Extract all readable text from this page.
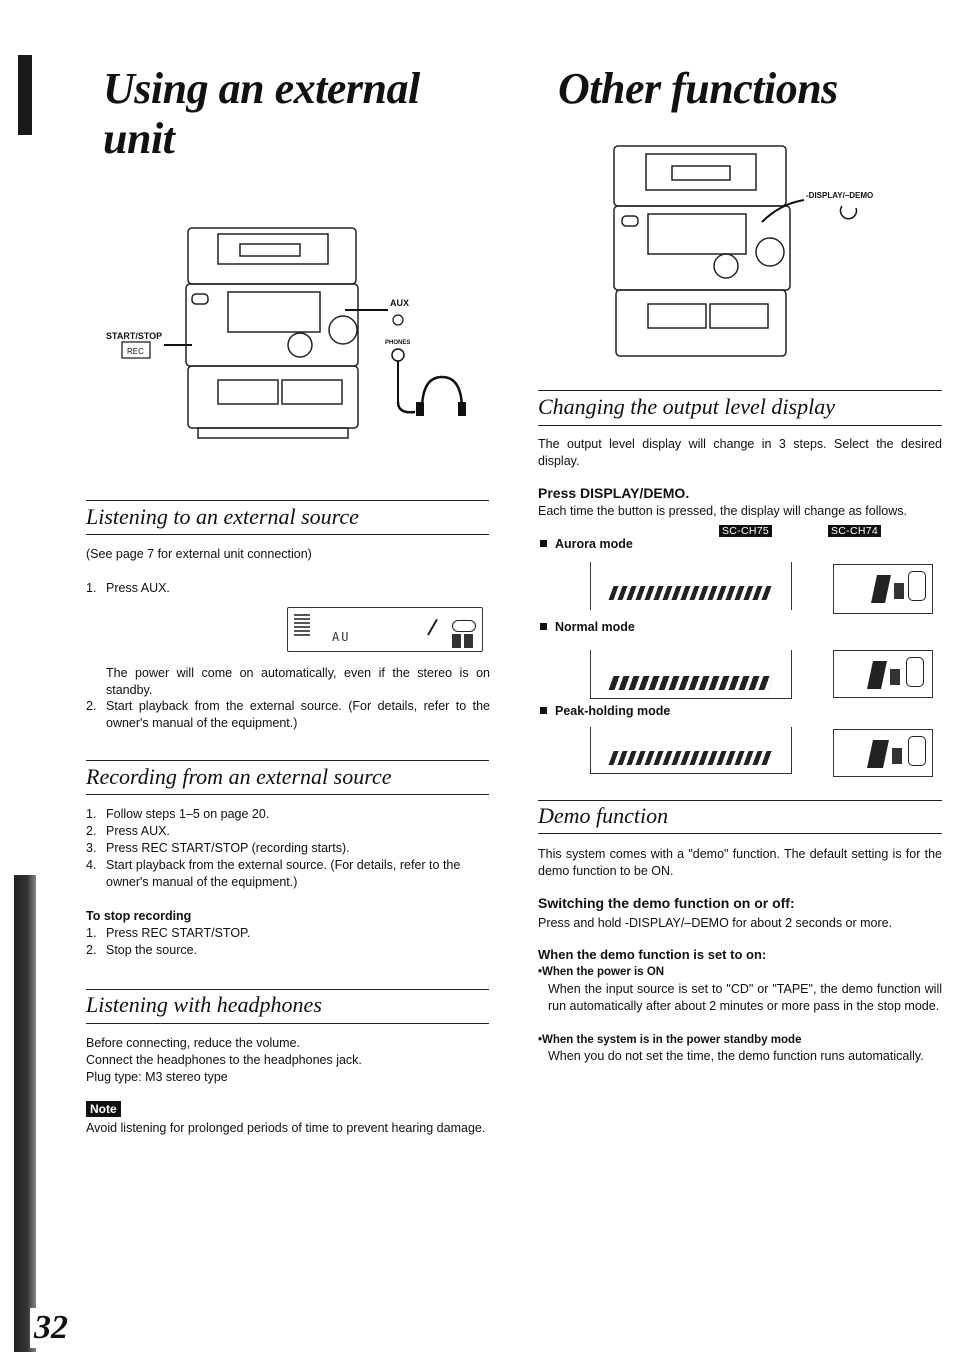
32
Using an external
unit
REC
START/STOP
AUX
PHONES
Listening to an external source
(See page 7 for external unit connection)
1. Press AUX.
AU
The power will come on automatically, even if the stereo is on standby.
2. Start playback from the external source. (For details, refer to the owner's manual of the equipment.)
Recording from an external source
1. Follow steps 1–5 on page 20.
2. Press AUX.
3. Press REC START/STOP (recording starts).
4. Start playback from the external source. (For details, refer to the owner's manual of the equipment.)
To stop recording
1. Press REC START/STOP.
2. Stop the source.
Listening with headphones
Before connecting, reduce the volume.
Connect the headphones to the headphones jack.
Plug type: M3 stereo type
Note
Avoid listening for prolonged periods of time to prevent hearing damage.
Other functions
-DISPLAY/–DEMO
Changing the output level display
The output level display will change in 3 steps. Select the desired display.
Press DISPLAY/DEMO.
Each time the button is pressed, the display will change as follows.
SC-CH75	SC-CH74
Aurora mode
Normal mode
Peak-holding mode
Demo function
This system comes with a "demo" function. The default setting is for the demo function to be ON.
Switching the demo function on or off:
Press and hold -DISPLAY/–DEMO for about 2 seconds or more.
When the demo function is set to on:
•When the power is ON
When the input source is set to "CD" or "TAPE", the demo function will run automatically after about 2 minutes or more pass in the stop mode.
•When the system is in the power standby mode
When you do not set the time, the demo function runs automatically.
